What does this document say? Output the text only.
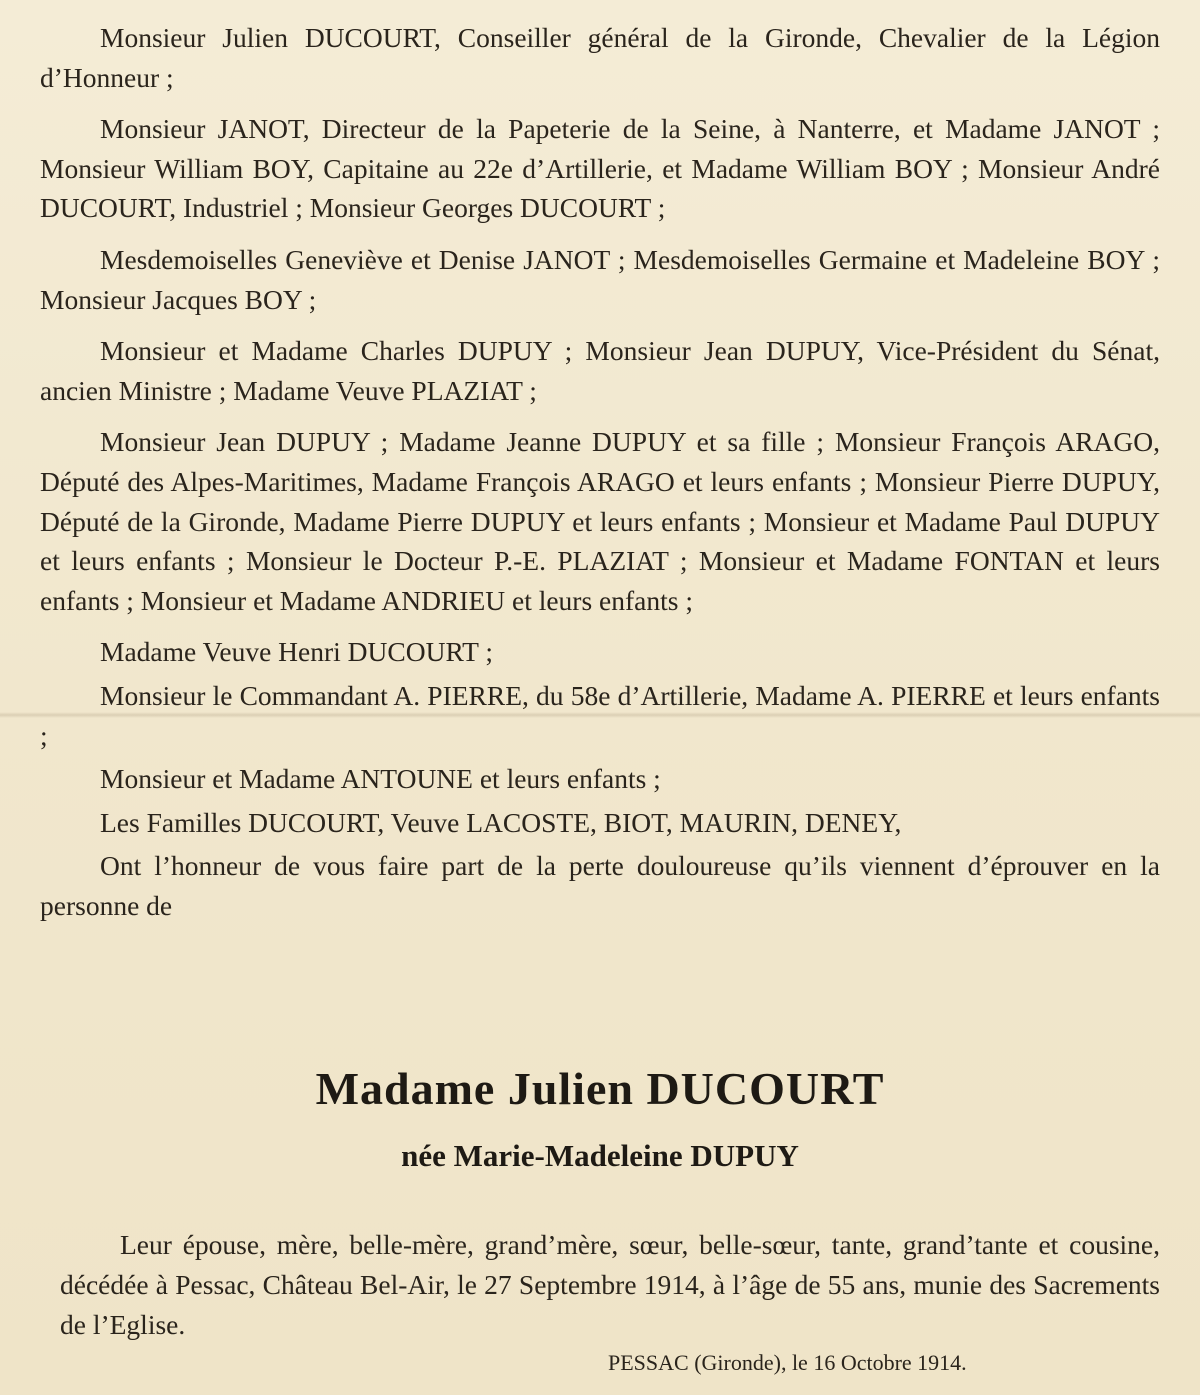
Monsieur Julien DUCOURT, Conseiller général de la Gironde, Chevalier de la Légion d’Honneur ;

Monsieur JANOT, Directeur de la Papeterie de la Seine, à Nanterre, et Madame JANOT ; Monsieur William BOY, Capitaine au 22e d’Artillerie, et Madame William BOY ; Monsieur André DUCOURT, Industriel ; Monsieur Georges DUCOURT ;

Mesdemoiselles Geneviève et Denise JANOT ; Mesdemoiselles Germaine et Madeleine BOY ; Monsieur Jacques BOY ;

Monsieur et Madame Charles DUPUY ; Monsieur Jean DUPUY, Vice-Président du Sénat, ancien Ministre ; Madame Veuve PLAZIAT ;

Monsieur Jean DUPUY ; Madame Jeanne DUPUY et sa fille ; Monsieur François ARAGO, Député des Alpes-Maritimes, Madame François ARAGO et leurs enfants ; Monsieur Pierre DUPUY, Député de la Gironde, Madame Pierre DUPUY et leurs enfants ; Monsieur et Madame Paul DUPUY et leurs enfants ; Monsieur le Docteur P.-E. PLAZIAT ; Monsieur et Madame FONTAN et leurs enfants ; Monsieur et Madame ANDRIEU et leurs enfants ;

Madame Veuve Henri DUCOURT ;

Monsieur le Commandant A. PIERRE, du 58e d’Artillerie, Madame A. PIERRE et leurs enfants ;

Monsieur et Madame ANTOUNE et leurs enfants ;

Les Familles DUCOURT, Veuve LACOSTE, BIOT, MAURIN, DENEY,

Ont l’honneur de vous faire part de la perte douloureuse qu’ils viennent d’éprouver en la personne de

Madame Julien DUCOURT
née Marie-Madeleine DUPUY

Leur épouse, mère, belle-mère, grand’mère, sœur, belle-sœur, tante, grand’tante et cousine, décédée à Pessac, Château Bel-Air, le 27 Septembre 1914, à l’âge de 55 ans, munie des Sacrements de l’Eglise.

PESSAC (Gironde), le 16 Octobre 1914.
